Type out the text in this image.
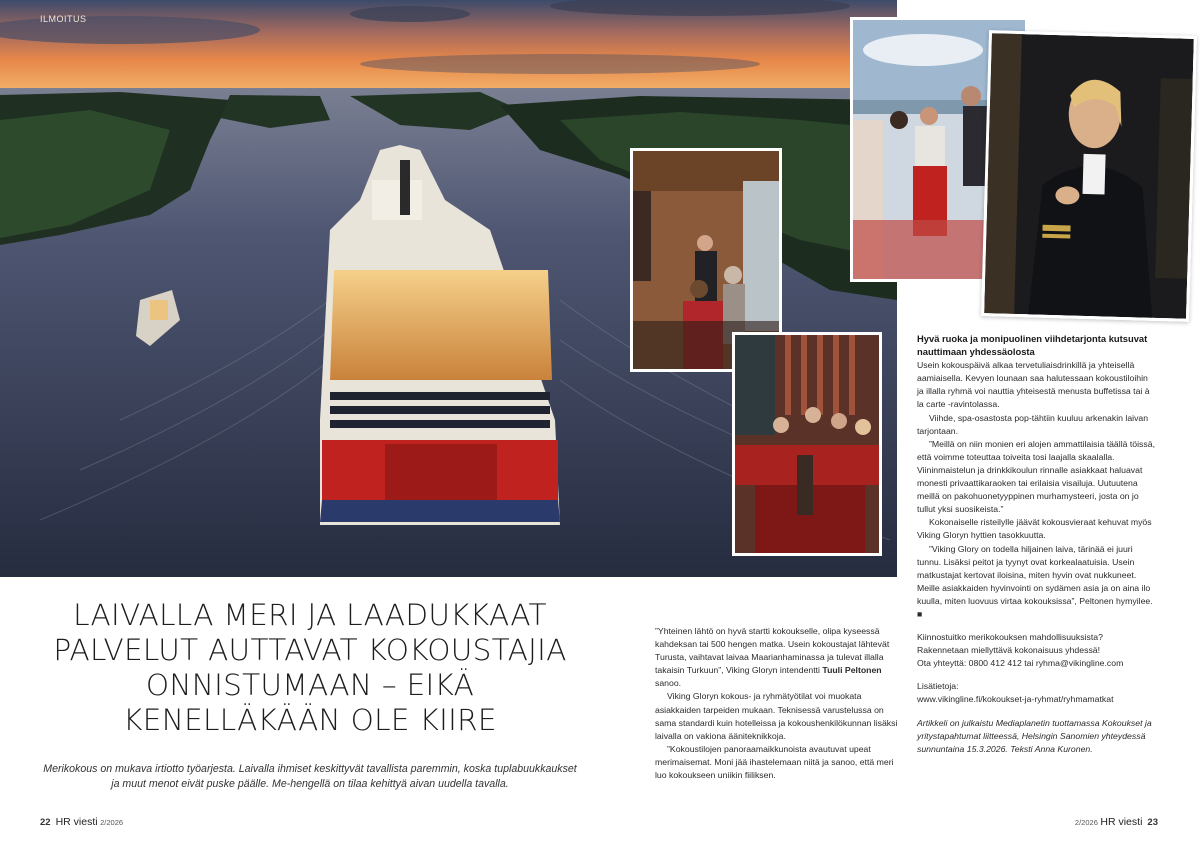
ILMOITUS
LAIVALLA MERI JA LAADUKKAAT
PALVELUT AUTTAVAT KOKOUSTAJIA
ONNISTUMAAN – EIKÄ
KENELLÄKÄÄN OLE KIIRE
Merikokous on mukava irtiotto työarjesta. Laivalla ihmiset keskittyvät tavallista paremmin, koska tuplabuukkaukset ja muut menot eivät puske päälle. Me-hengellä on tilaa kehittyä aivan uudella tavalla.

”Yhteinen lähtö on hyvä startti kokoukselle, olipa kyseessä kahdeksan tai 500 hengen matka. Usein kokoustajat lähtevät Turusta, vaihtavat laivaa Maarianhaminassa ja tulevat illalla takaisin Turkuun”, Viking Gloryn intendentti Tuuli Peltonen sanoo.

Viking Gloryn kokous- ja ryhmätyötilat voi muokata asiakkaiden tarpeiden mukaan. Teknisessä varustelussa on sama standardi kuin hotelleissa ja kokoushenkilökunnan lisäksi laivalla on vakiona ääniteknikkoja.

”Kokoustilojen panoraamaikkunoista avautuvat upeat merimaisemat. Moni jää ihastelemaan niitä ja sanoo, että meri luo kokoukseen uniikin fiiliksen.

Hyvä ruoka ja monipuolinen viihdetarjonta kutsuvat nauttimaan yhdessäolosta

Usein kokouspäivä alkaa tervetuliaisdrinkillä ja yhteisellä aamiaisella. Kevyen lounaan saa halutessaan kokoustiloihin ja illalla ryhmä voi nauttia yhteisestä menusta buffetissa tai à la carte -ravintolassa.

Viihde, spa-osastosta pop-tähtiin kuuluu arkenakin laivan tarjontaan.

”Meillä on niin monien eri alojen ammattilaisia täällä töissä, että voimme toteuttaa toiveita tosi laajalla skaalalla. Viininmaistelun ja drinkkikoulun rinnalle asiakkaat haluavat monesti privaattikaraoken tai erilaisia visailuja. Uutuutena meillä on pakohuonetyyppinen murhamysteeri, josta on jo tullut yksi suosikeista.”

Kokonaiselle risteilylle jäävät kokousvieraat kehuvat myös Viking Gloryn hyttien tasokkuutta.

”Viking Glory on todella hiljainen laiva, tärinää ei juuri tunnu. Lisäksi peitot ja tyynyt ovat korkealaatuisia. Usein matkustajat kertovat iloisina, miten hyvin ovat nukkuneet. Meille asiakkaiden hyvinvointi on sydämen asia ja on aina ilo kuulla, miten luovuus virtaa kokouksissa”, Peltonen hymyilee. ■

Kiinnostuitko merikokouksen mahdollisuuksista?

Rakennetaan miellyttävä kokonaisuus yhdessä!

Ota yhteyttä: 0800 412 412 tai ryhma@vikingline.com

Lisätietoja:

www.vikingline.fi/kokoukset-ja-ryhmat/ryhmamatkat

Artikkeli on julkaistu Mediaplanetin tuottamassa Kokoukset ja yritystapahtumat liitteessä, Helsingin Sanomien yhteydessä sunnuntaina 15.3.2026. Teksti Anna Kuronen.

22 HR viesti 2/2026	2/2026 HR viesti 23
